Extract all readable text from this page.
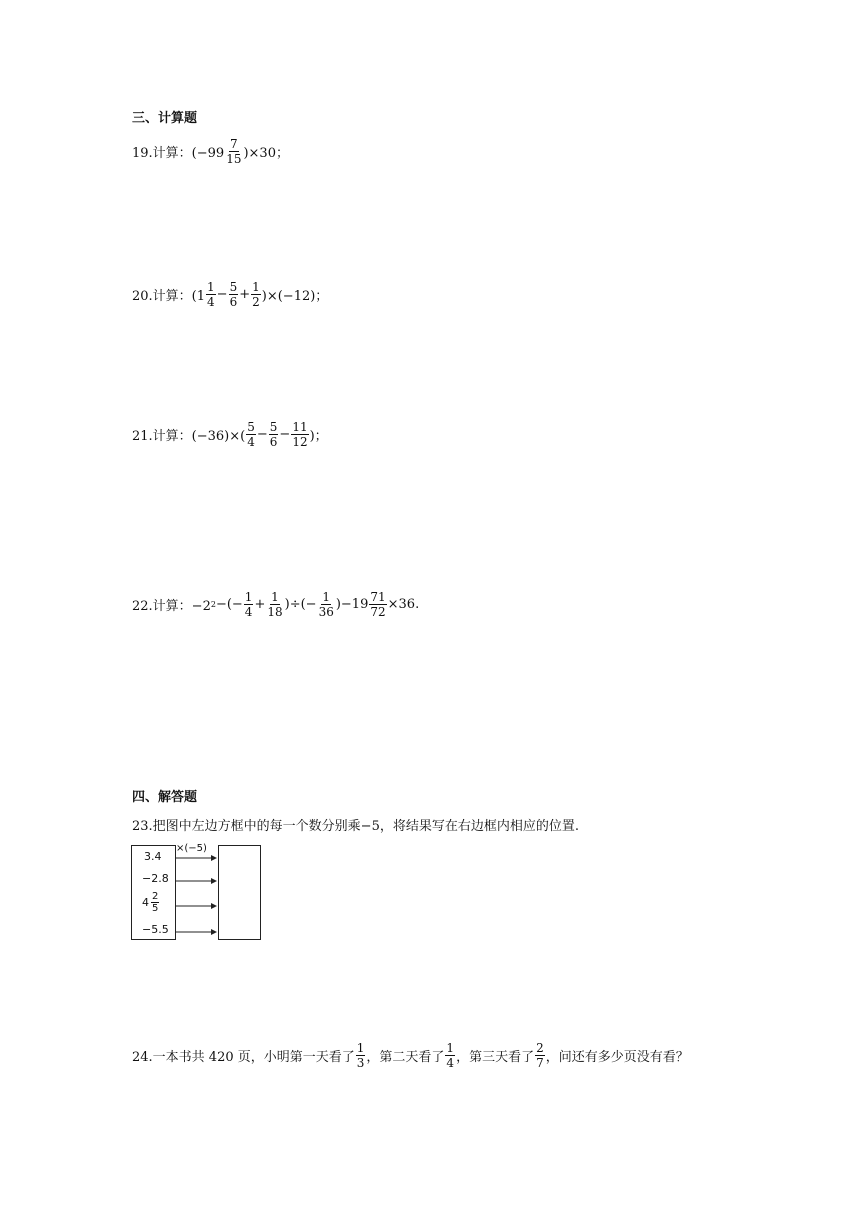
三、计算题
19.计算：$(-99 \frac{7}{15} )\times 30$；
20.计算：$(1 \frac{1}{4} - \frac{5}{6} + \frac{1}{2} )\times(-12)$；
21.计算：$(-36)\times( \frac{5}{4} - \frac{5}{6} - \frac{11}{12}$ )；
22.计算：−2 2 −(− $\frac{1}{4} + \frac{1}{18}$ )÷(− $\frac{1}{36} )-19 \frac{71}{72} \times 36$.
四、解答题
23.把图中左边方框中的每一个数分别乘−5，将结果写在右边框内相应的位置.
×(−5)
3.4
−2.8
$4 \frac{2}{5}$
−5.5
24.一本书共 420 页，小明第一天看了 $\frac{1}{3}$ ，第二天看了 $\frac{1}{4}$ ，第三天看了 $\frac{2}{7}$ ，问还有多少页没有看？
